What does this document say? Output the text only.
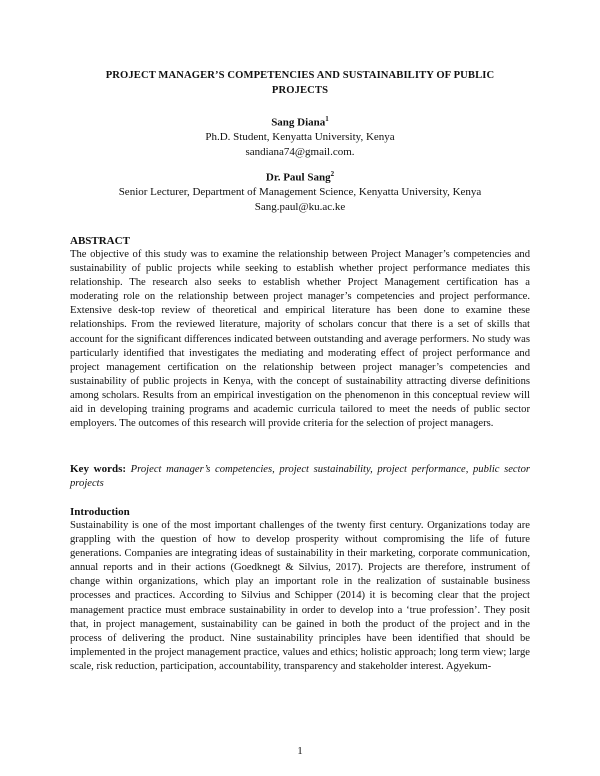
PROJECT MANAGER’S COMPETENCIES AND SUSTAINABILITY OF PUBLIC
PROJECTS
Sang Diana$^1$
Ph.D. Student, Kenyatta University, Kenya
sandiana74@gmail.com.
Dr. Paul Sang$^2$
Senior Lecturer, Department of Management Science, Kenyatta University, Kenya
Sang.paul@ku.ac.ke
ABSTRACT

The objective of this study was to examine the relationship between Project Manager’s competencies and sustainability of public projects while seeking to establish whether project performance mediates this relationship. The research also seeks to establish whether Project Management certification has a moderating role on the relationship between project manager’s competencies and project performance. Extensive desk-top review of theoretical and empirical literature has been done to examine these relationships. From the reviewed literature, majority of scholars concur that there is a set of skills that account for the significant differences indicated between outstanding and average performers. No study was particularly identified that investigates the mediating and moderating effect of project performance and project management certification on the relationship between project manager’s competencies and sustainability of public projects in Kenya, with the concept of sustainability attracting diverse definitions among scholars. Results from an empirical investigation on the phenomenon in this conceptual review will aid in developing training programs and academic curricula tailored to meet the needs of public sector employers. The outcomes of this research will provide criteria for the selection of project managers.

Key words: Project manager’s competencies, project sustainability, project performance, public sector projects

Introduction

Sustainability is one of the most important challenges of the twenty first century. Organizations today are grappling with the question of how to develop prosperity without compromising the life of future generations. Companies are integrating ideas of sustainability in their marketing, corporate communication, annual reports and in their actions (Goedknegt & Silvius, 2017). Projects are therefore, instrument of change within organizations, which play an important role in the realization of sustainable business processes and practices. According to Silvius and Schipper (2014) it is becoming clear that the project management practice must embrace sustainability in order to develop into a ‘true profession’. They posit that, in project management, sustainability can be gained in both the product of the project and in the process of delivering the product. Nine sustainability principles have been identified that should be implemented in the project management practice, values and ethics; holistic approach; long term view; large scale, risk reduction, participation, accountability, transparency and stakeholder interest. Agyekum-

1
